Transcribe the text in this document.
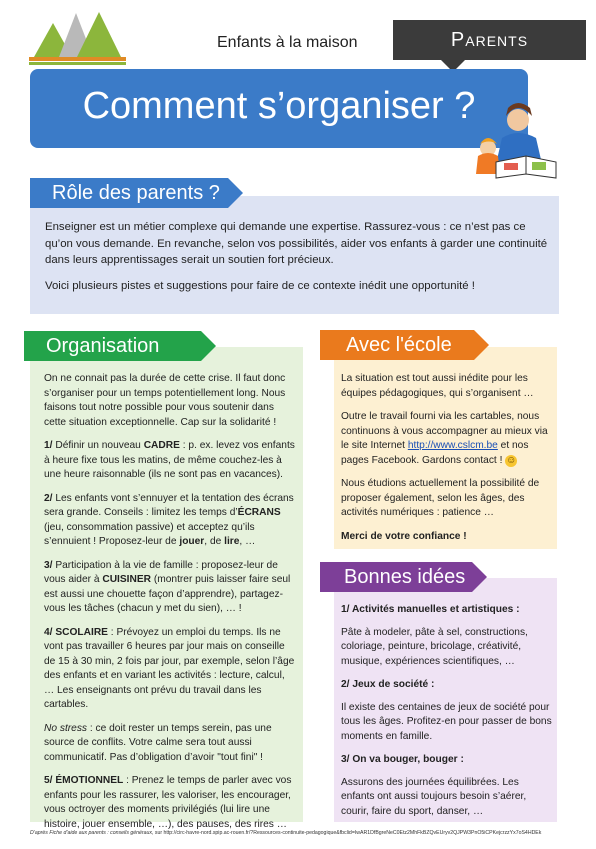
Enfants à la maison	Parents
Comment s’organiser ?
Rôle des parents ?

Enseigner est un métier complexe qui demande une expertise. Rassurez-vous : ce n’est pas ce qu’on vous demande. En revanche, selon vos possibilités, aider vos enfants à garder une continuité dans leurs apprentissages serait un soutien fort précieux.

Voici plusieurs pistes et suggestions pour faire de ce contexte inédit une opportunité !

Organisation

On ne connait pas la durée de cette crise. Il faut donc s’organiser pour un temps potentiellement long. Nous faisons tout notre possible pour vous soutenir dans cette situation exceptionnelle. Cap sur la solidarité !

1/ Définir un nouveau CADRE : p. ex. levez vos enfants à heure fixe tous les matins, de même couchez-les à une heure raisonnable (ils ne sont pas en vacances).

2/ Les enfants vont s’ennuyer et la tentation des écrans sera grande. Conseils : limitez les temps d’ÉCRANS (jeu, consommation passive) et acceptez qu’ils s’ennuient ! Proposez-leur de jouer, de lire, …

3/ Participation à la vie de famille : proposez-leur de vous aider à CUISINER (montrer puis laisser faire seul est aussi une chouette façon d’apprendre), partagez-vous les tâches (chacun y met du sien), … !

4/ SCOLAIRE : Prévoyez un emploi du temps. Ils ne vont pas travailler 6 heures par jour mais on conseille de 15 à 30 min, 2 fois par jour, par exemple, selon l’âge des enfants et en variant les activités : lecture, calcul, … Les enseignants ont prévu du travail dans les cartables.

No stress : ce doit rester un temps serein, pas une source de conflits. Votre calme sera tout aussi communicatif. Pas d’obligation d’avoir "tout fini" !

5/ ÉMOTIONNEL : Prenez le temps de parler avec vos enfants pour les rassurer, les valoriser, les encourager, vous octroyer des moments privilégiés (lui lire une histoire, jouer ensemble, …), des pauses, des rires …

Avec l'école

La situation est tout aussi inédite pour les équipes pédagogiques, qui s’organisent …

Outre le travail fourni via les cartables, nous continuons à vous accompagner au mieux via le site Internet http://www.cslcm.be et nos pages Facebook. Gardons contact ! ☺

Nous étudions actuellement la possibilité de proposer également, selon les âges, des activités numériques : patience …

Merci de votre confiance !

Bonnes idées

1/ Activités manuelles et artistiques :

Pâte à modeler, pâte à sel, constructions, coloriage, peinture, bricolage, créativité, musique, expériences scientifiques, …

2/ Jeux de société :

Il existe des centaines de jeux de société pour tous les âges. Profitez-en pour passer de bons moments en famille.

3/ On va bouger, bouger :

Assurons des journées équilibrées. Les enfants ont aussi toujours besoin s’aérer, courir, faire du sport, danser, …

D’après Fiche d’aide aux parents : conseils généraux, sur http://circ-havre-nord.spip.ac-rouen.fr/?Ressources-continuite-pedagogique&fbclid=IwAR1DfBgreNeC0Etz2MhFkBZQvEUryv2QJPW3PnO5iCPKejcrzzYx7oS4HDEk
